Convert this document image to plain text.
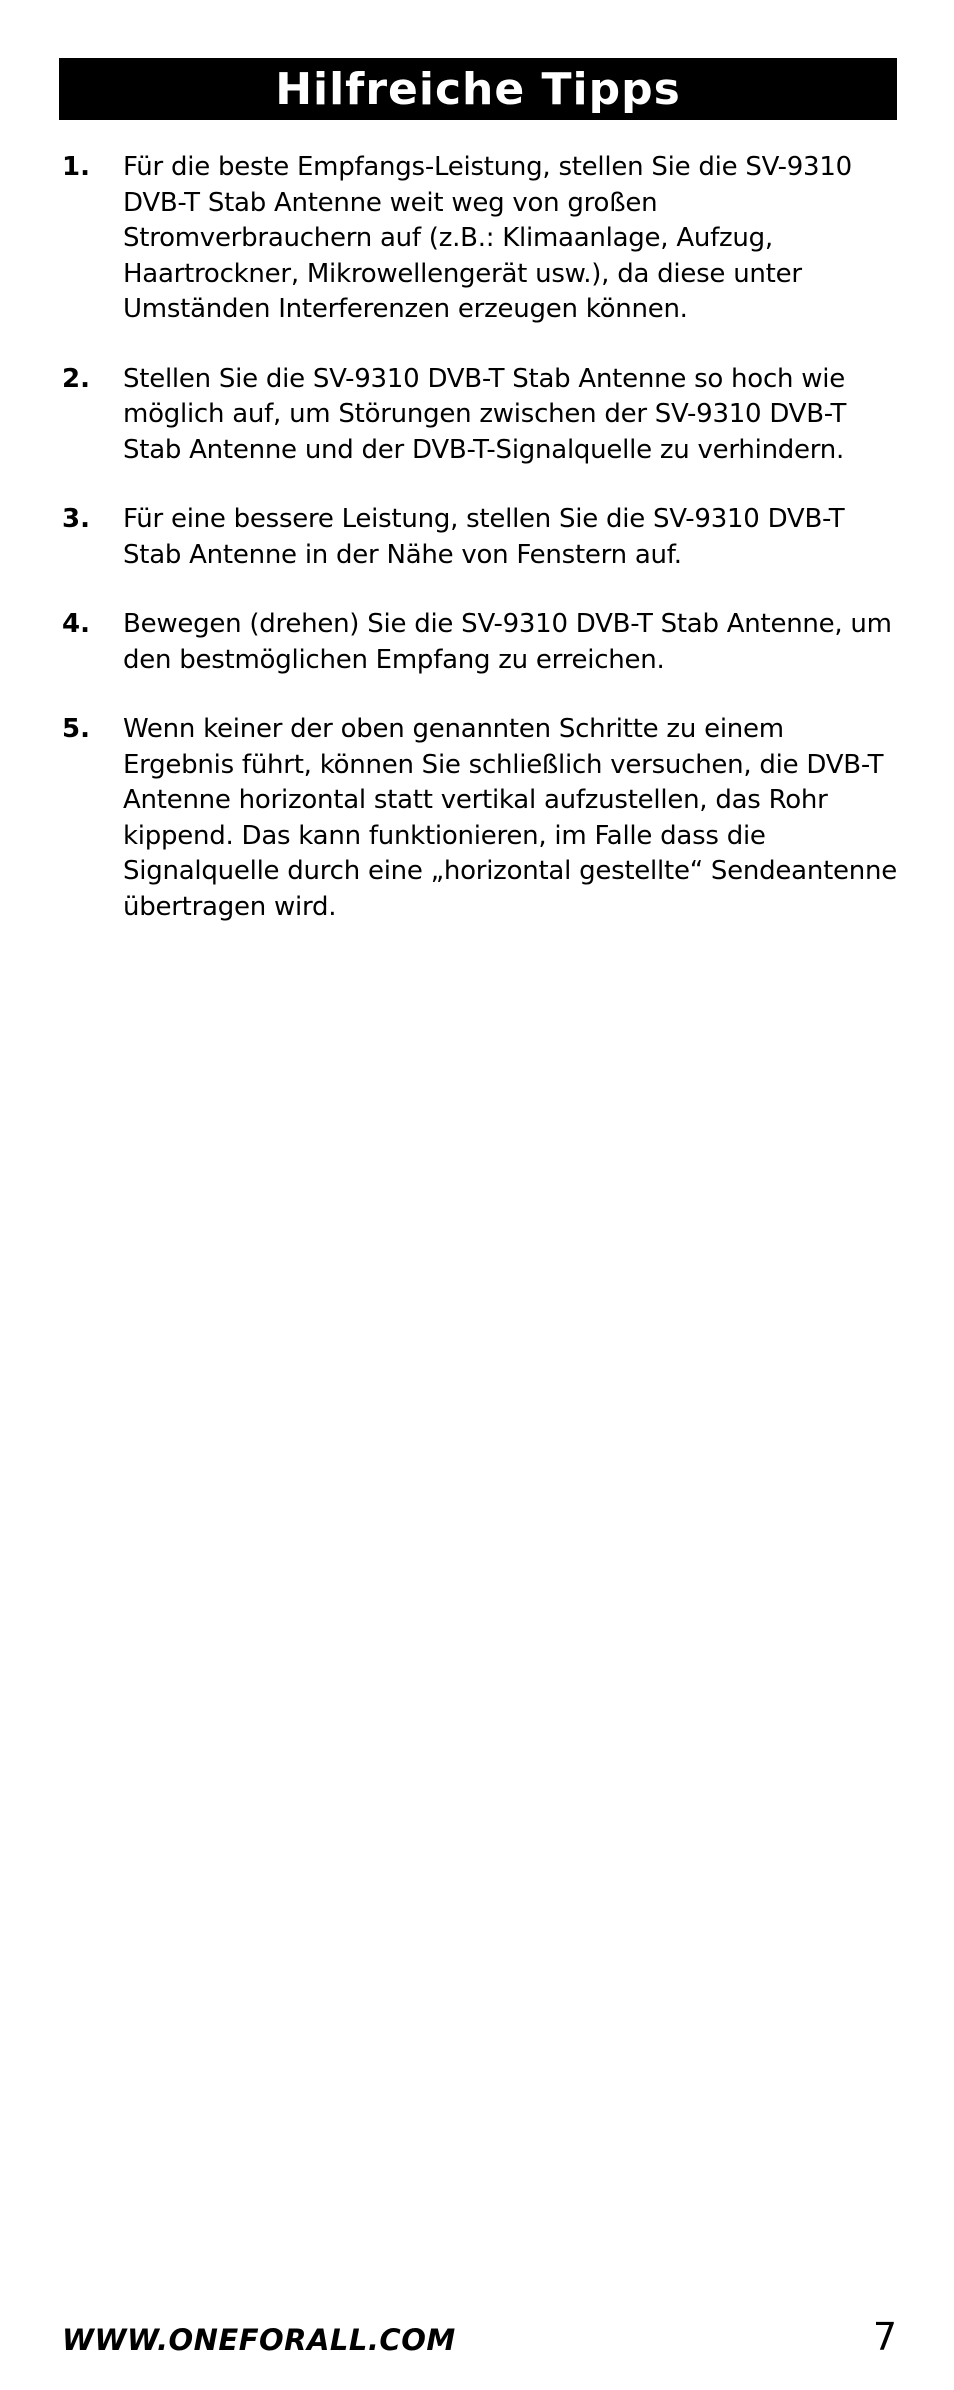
Hilfreiche Tipps
1.	Für die beste Empfangs-Leistung, stellen Sie die SV-9310 DVB-T Stab Antenne weit weg von großen Stromverbrauchern auf (z.B.: Klimaanlage, Aufzug, Haartrockner, Mikrowellengerät usw.), da diese unter Umständen Interferenzen erzeugen können.
2.	Stellen Sie die SV-9310 DVB-T Stab Antenne so hoch wie möglich auf, um Störungen zwischen der SV-9310 DVB-T Stab Antenne und der DVB-T-Signalquelle zu verhindern.
3.	Für eine bessere Leistung, stellen Sie die SV-9310 DVB-T Stab Antenne in der Nähe von Fenstern auf.
4.	Bewegen (drehen) Sie die SV-9310 DVB-T Stab Antenne, um den bestmöglichen Empfang zu erreichen.
5.	Wenn keiner der oben genannten Schritte zu einem Ergebnis führt, können Sie schließlich versuchen, die DVB-T Antenne horizontal statt vertikal aufzustellen, das Rohr kippend. Das kann funktionieren, im Falle dass die Signalquelle durch eine „horizontal gestellte“ Sendeantenne übertragen wird.
WWW.ONEFORALL.COM	7
